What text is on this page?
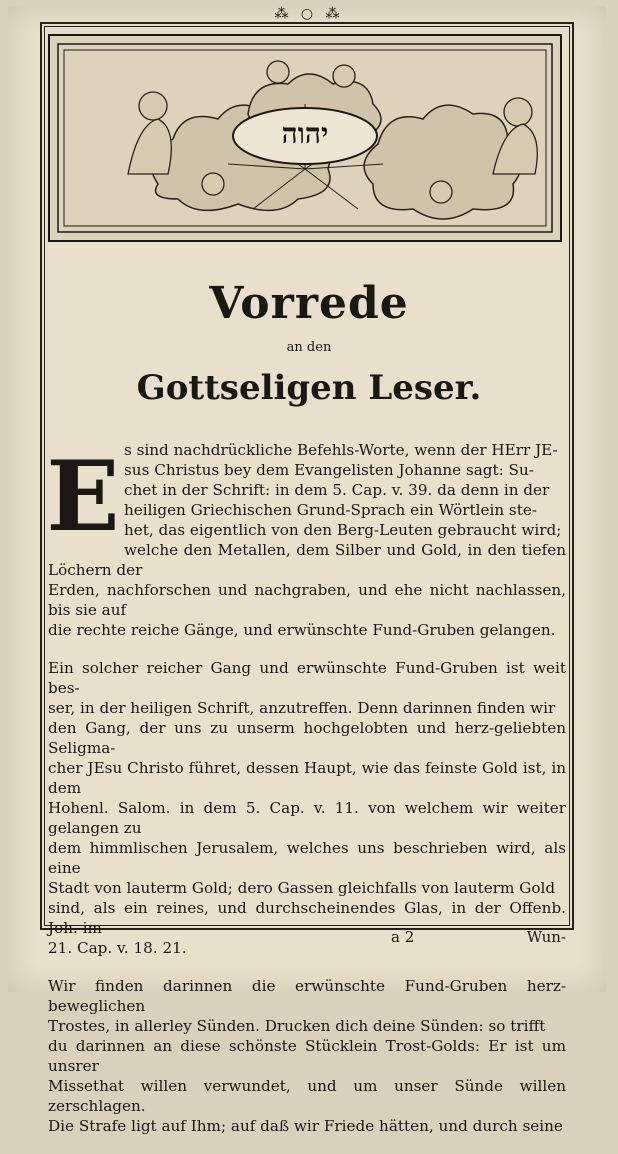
⁂ ○ ⁂
יהוה
Vorrede
an den
Gottseligen Leser.
E s sind nachdrückliche Befehls-Worte, wenn der HErr JE-

sus Christus bey dem Evangelisten Johanne sagt: Su-

chet in der Schrift: in dem 5. Cap. v. 39. da denn in der

heiligen Griechischen Grund-Sprach ein Wörtlein ste-

het, das eigentlich von den Berg-Leuten gebraucht wird;

welche den Metallen, dem Silber und Gold, in den tiefen Löchern der

Erden, nachforschen und nachgraben, und ehe nicht nachlassen, bis sie auf

die rechte reiche Gänge, und erwünschte Fund-Gruben gelangen.

Ein solcher reicher Gang und erwünschte Fund-Gruben ist weit bes-

ser, in der heiligen Schrift, anzutreffen. Denn darinnen finden wir

den Gang, der uns zu unserm hochgelobten und herz-geliebten Seligma-

cher JEsu Christo führet, dessen Haupt, wie das feinste Gold ist, in dem

Hohenl. Salom. in dem 5. Cap. v. 11. von welchem wir weiter gelangen zu

dem himmlischen Jerusalem, welches uns beschrieben wird, als eine

Stadt von lauterm Gold; dero Gassen gleichfalls von lauterm Gold

sind, als ein reines, und durchscheinendes Glas, in der Offenb. Joh. im

21. Cap. v. 18. 21.

Wir finden darinnen die erwünschte Fund-Gruben herz-beweglichen

Trostes, in allerley Sünden. Drucken dich deine Sünden: so trifft

du darinnen an diese schönste Stücklein Trost-Golds: Er ist um unsrer

Missethat willen verwundet, und um unser Sünde willen zerschlagen.

Die Strafe ligt auf Ihm; auf daß wir Friede hätten, und durch seine

a 2	Wun-
